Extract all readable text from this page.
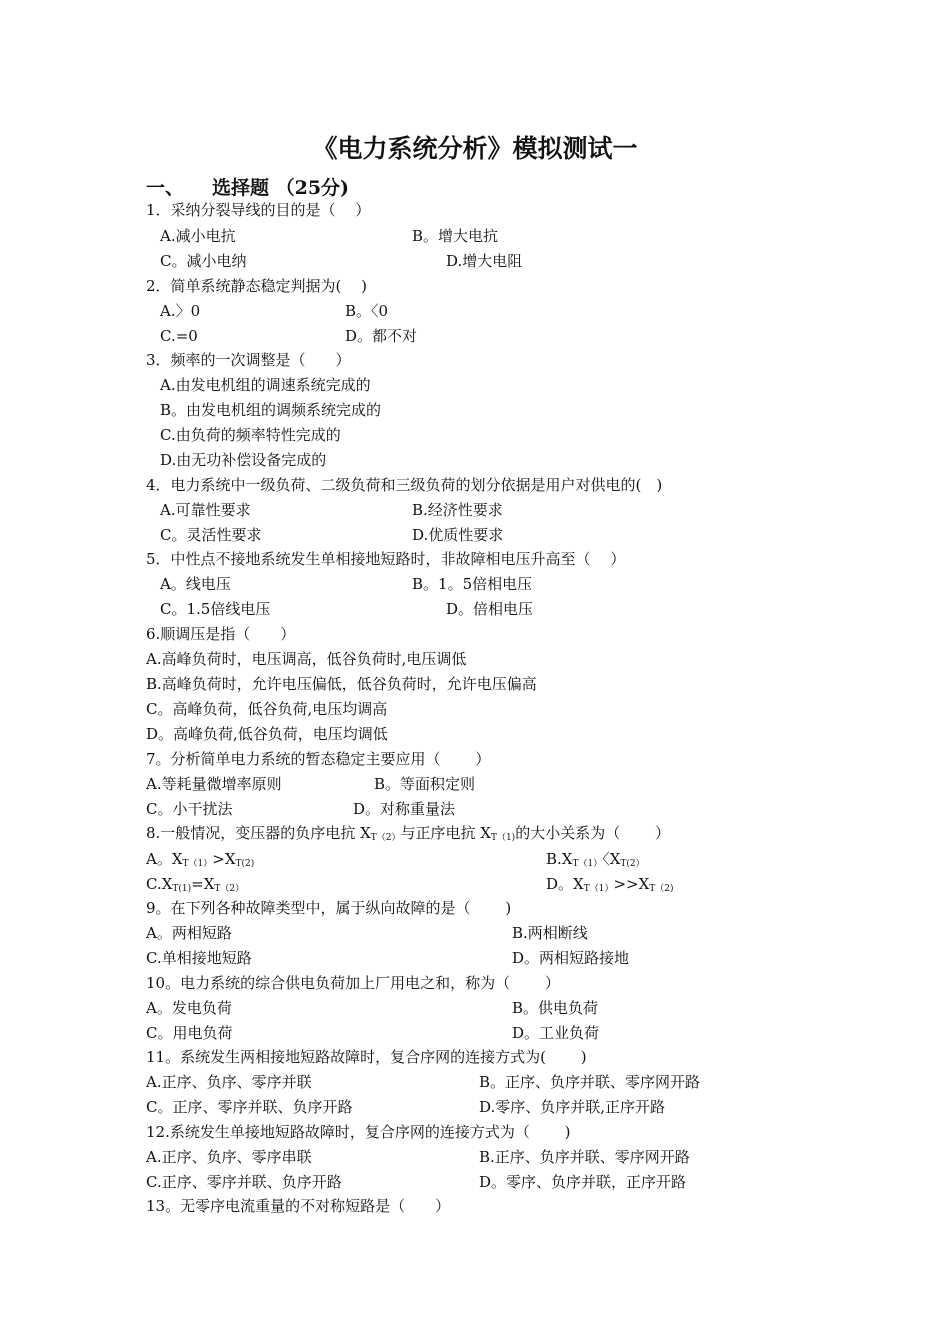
《电力系统分析》模拟测试一
一、 选择题 （25分)
1．采纳分裂导线的目的是（　 ）
A.减小电抗	B。增大电抗
C。减小电纳	D.增大电阻
2．简单系统静态稳定判据为(　 )
A.〉0	B。〈0
C.=0	D。都不对
3．频率的一次调整是（　　）
A.由发电机组的调速系统完成的
B。由发电机组的调频系统完成的
C.由负荷的频率特性完成的
D.由无功补偿设备完成的
4．电力系统中一级负荷、二级负荷和三级负荷的划分依据是用户对供电的(　)
A.可靠性要求	B.经济性要求
C。灵活性要求	D.优质性要求
5．中性点不接地系统发生单相接地短路时，非故障相电压升高至（　 ）
A。线电压	B。1。5倍相电压
C。1.5倍线电压	D。倍相电压
6.顺调压是指（　　）
A.高峰负荷时，电压调高，低谷负荷时,电压调低
B.高峰负荷时，允许电压偏低，低谷负荷时，允许电压偏高
C。高峰负荷，低谷负荷,电压均调高
D。高峰负荷,低谷负荷，电压均调低
7。分析简单电力系统的暂态稳定主要应用（　　 ）
A.等耗量微增率原则	B。等面积定则
C。小干扰法	D。对称重量法
8.一般情况，变压器的负序电抗 $X_{T(2)}$与正序电抗 $X_{T(1)}$的大小关系为（　　 ）
A。$X_{T(1)}>X_{T(2)}$	$B.X_{T(1)}$〈$X_{T(2)}$
$C.X_{T(1)}=X_{T(2)}$	D。$X_{T(1)}>>X_{T(2)}$
9。在下列各种故障类型中，属于纵向故障的是（　　 )
A。两相短路	B.两相断线
C.单相接地短路	D。两相短路接地
10。电力系统的综合供电负荷加上厂用电之和，称为（　　 ）
A。发电负荷	B。供电负荷
C。用电负荷	D。工业负荷
11。系统发生两相接地短路故障时，复合序网的连接方式为(　　 )
A.正序、负序、零序并联	B。正序、负序并联、零序网开路
C。正序、零序并联、负序开路	D.零序、负序并联,正序开路
12.系统发生单接地短路故障时，复合序网的连接方式为（　　 )
A.正序、负序、零序串联	B.正序、负序并联、零序网开路
C.正序、零序并联、负序开路	D。零序、负序并联，正序开路
13。无零序电流重量的不对称短路是（　　）
